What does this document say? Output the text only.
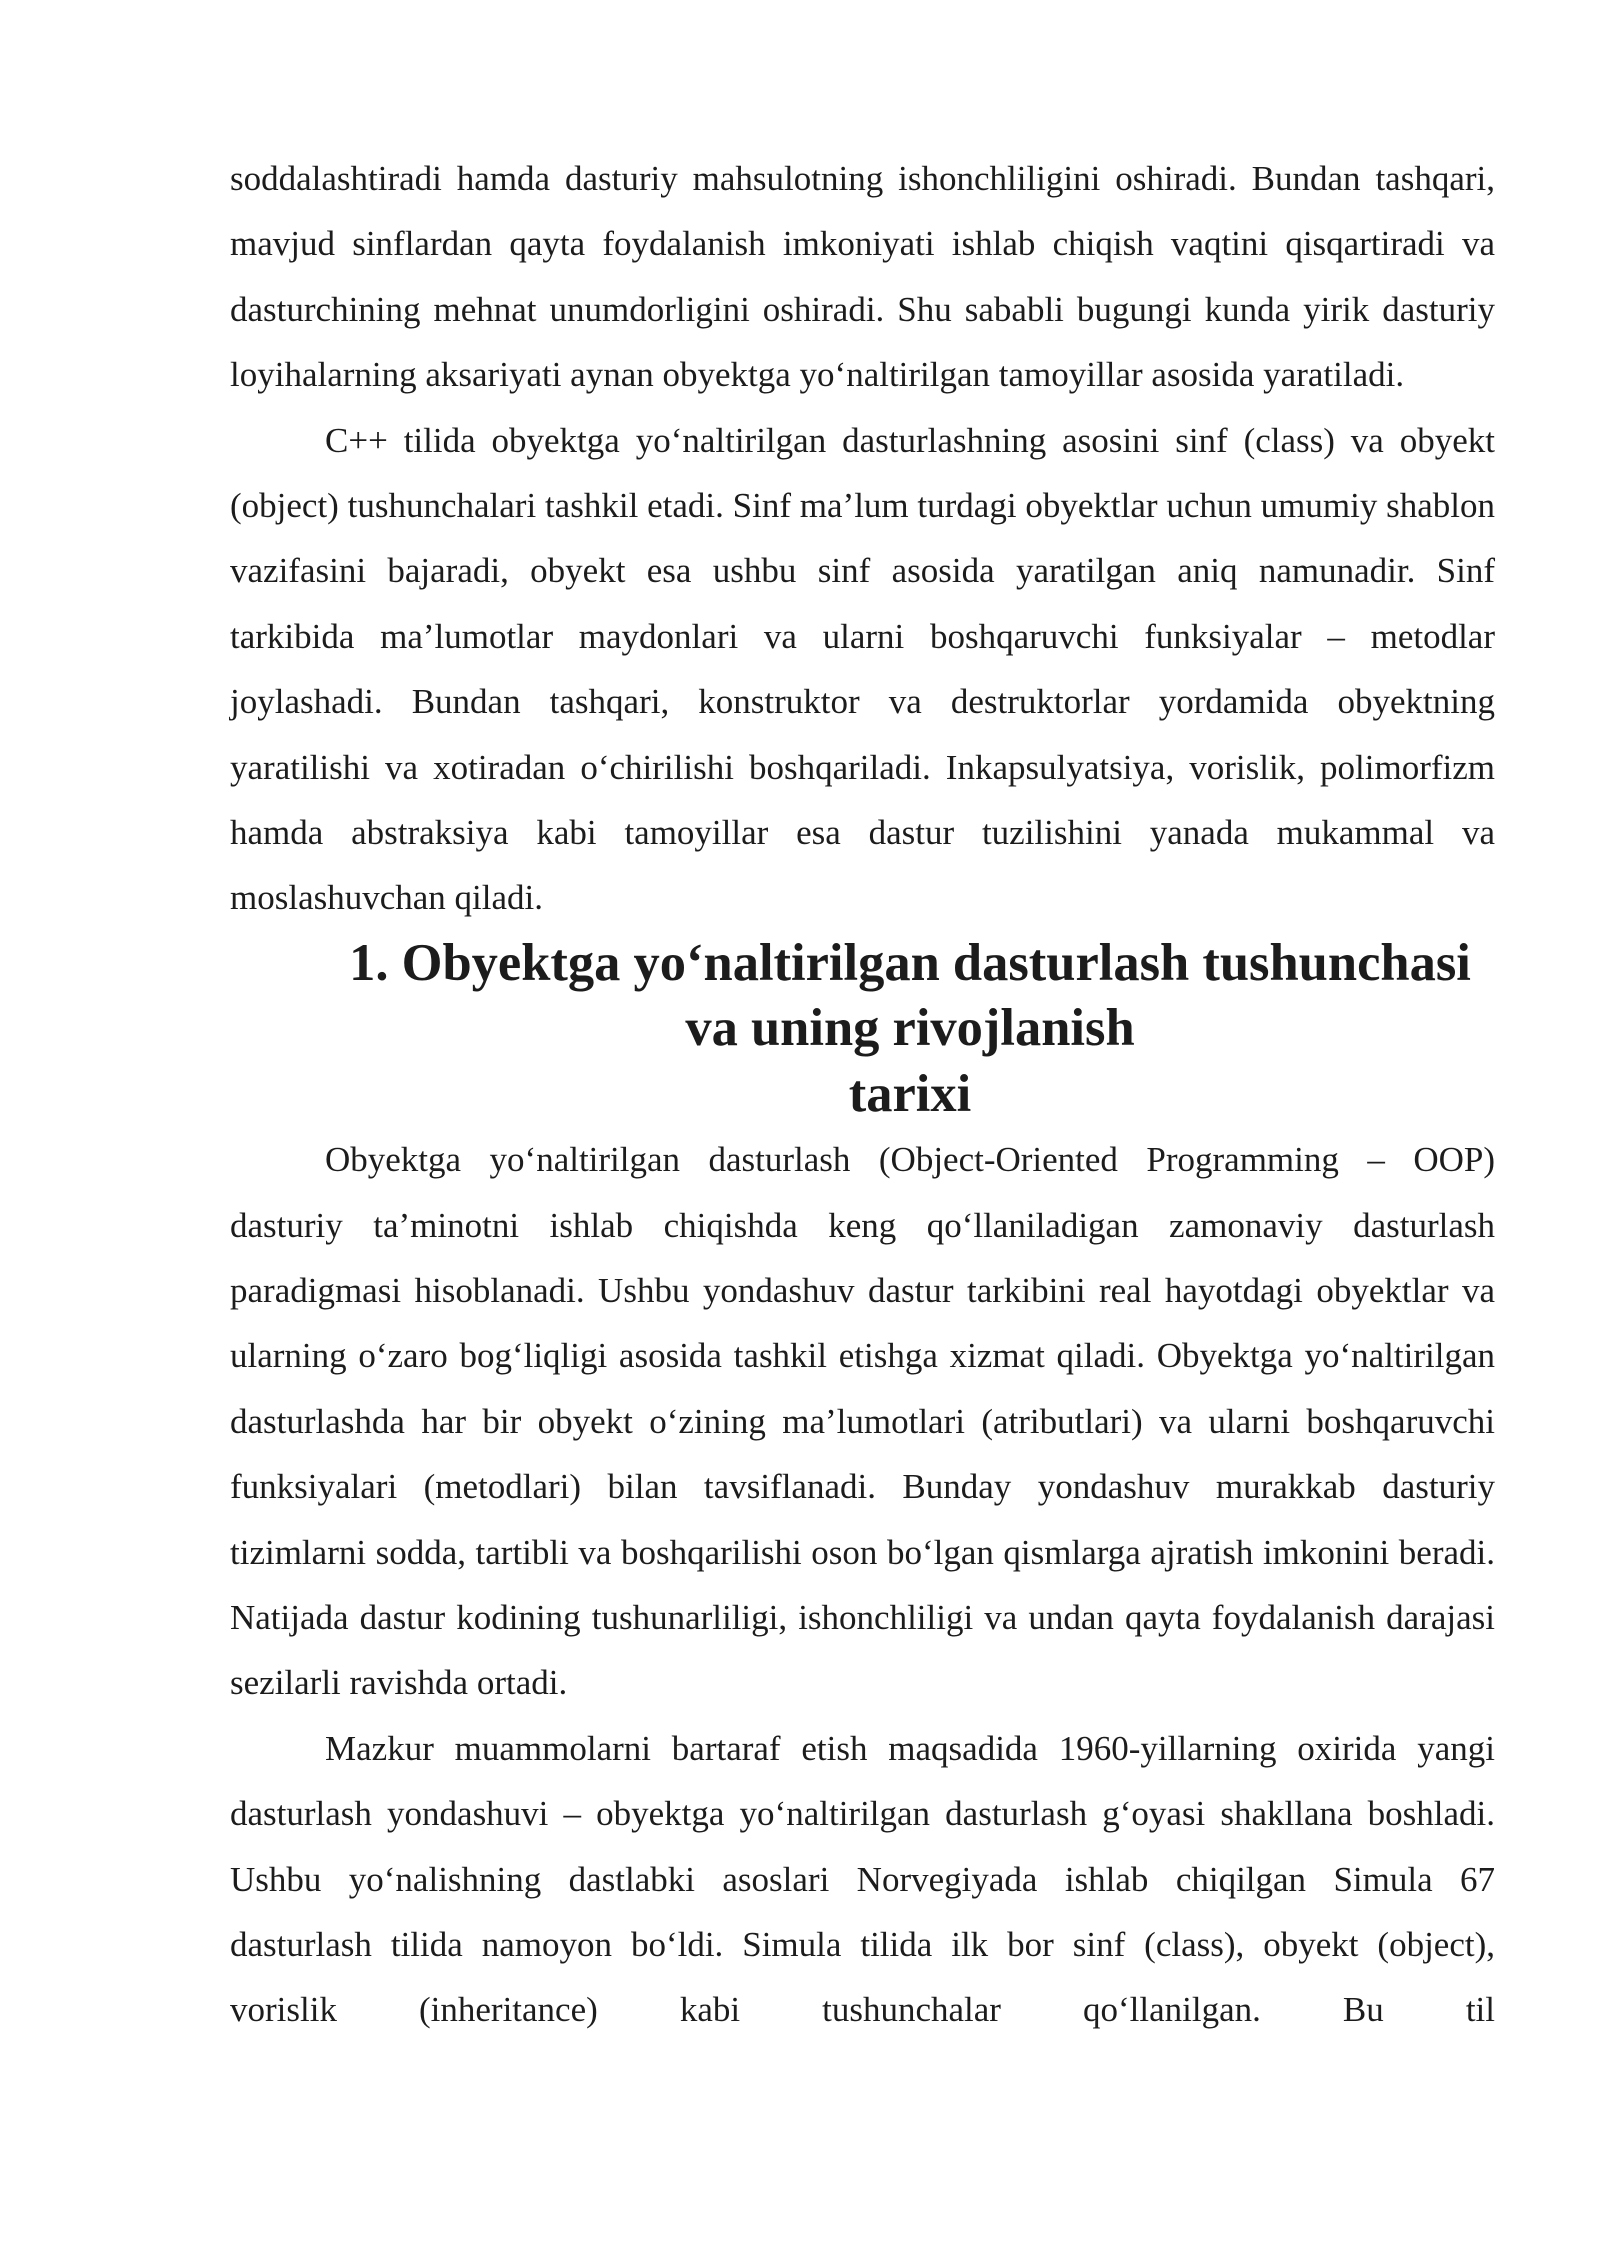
soddalashtiradi hamda dasturiy mahsulotning ishonchliligini oshiradi. Bundan tashqari, mavjud sinflardan qayta foydalanish imkoniyati ishlab chiqish vaqtini qisqartiradi va dasturchining mehnat unumdorligini oshiradi. Shu sababli bugungi kunda yirik dasturiy loyihalarning aksariyati aynan obyektga yo‘naltirilgan tamoyillar asosida yaratiladi.

C++ tilida obyektga yo‘naltirilgan dasturlashning asosini sinf (class) va obyekt (object) tushunchalari tashkil etadi. Sinf ma’lum turdagi obyektlar uchun umumiy shablon vazifasini bajaradi, obyekt esa ushbu sinf asosida yaratilgan aniq namunadir. Sinf tarkibida ma’lumotlar maydonlari va ularni boshqaruvchi funksiyalar – metodlar joylashadi. Bundan tashqari, konstruktor va destruktorlar yordamida obyektning yaratilishi va xotiradan o‘chirilishi boshqariladi. Inkapsulyatsiya, vorislik, polimorfizm hamda abstraksiya kabi tamoyillar esa dastur tuzilishini yanada mukammal va moslashuvchan qiladi.

1. Obyektga yo‘naltirilgan dasturlash tushunchasi va uning rivojlanish
tarixi

Obyektga yo‘naltirilgan dasturlash (Object-Oriented Programming – OOP) dasturiy ta’minotni ishlab chiqishda keng qo‘llaniladigan zamonaviy dasturlash paradigmasi hisoblanadi. Ushbu yondashuv dastur tarkibini real hayotdagi obyektlar va ularning o‘zaro bog‘liqligi asosida tashkil etishga xizmat qiladi. Obyektga yo‘naltirilgan dasturlashda har bir obyekt o‘zining ma’lumotlari (atributlari) va ularni boshqaruvchi funksiyalari (metodlari) bilan tavsiflanadi. Bunday yondashuv murakkab dasturiy tizimlarni sodda, tartibli va boshqarilishi oson bo‘lgan qismlarga ajratish imkonini beradi. Natijada dastur kodining tushunarliligi, ishonchliligi va undan qayta foydalanish darajasi sezilarli ravishda ortadi.

Mazkur muammolarni bartaraf etish maqsadida 1960-yillarning oxirida yangi dasturlash yondashuvi – obyektga yo‘naltirilgan dasturlash g‘oyasi shakllana boshladi. Ushbu yo‘nalishning dastlabki asoslari Norvegiyada ishlab chiqilgan Simula 67 dasturlash tilida namoyon bo‘ldi. Simula tilida ilk bor sinf (class), obyekt (object), vorislik (inheritance) kabi tushunchalar qo‘llanilgan. Bu til
